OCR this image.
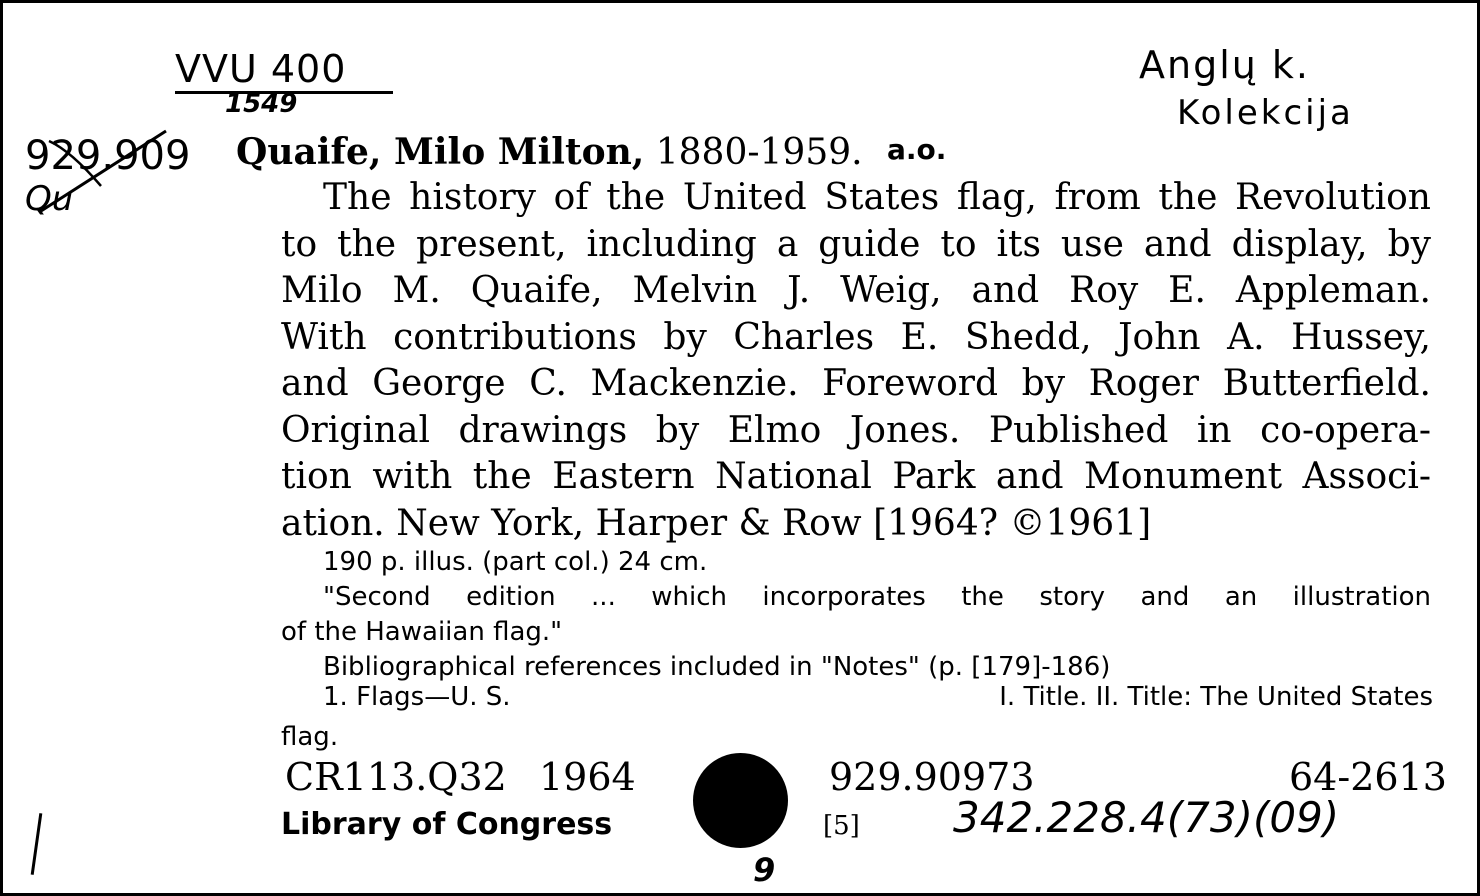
VVU 400
1549
Anglų k.
Kolekcija
929.909
Qu
Quaife, Milo Milton, 1880-1959. a.o.
The history of the United States flag, from the Revolution
to the present, including a guide to its use and display, by
Milo M. Quaife, Melvin J. Weig, and Roy E. Appleman.
With contributions by Charles E. Shedd, John A. Hussey,
and George C. Mackenzie. Foreword by Roger Butterfield.
Original drawings by Elmo Jones. Published in co-opera-
tion with the Eastern National Park and Monument Associ-
ation. New York, Harper & Row [1964? ©1961]
190 p. illus. (part col.) 24 cm.
"Second edition ... which incorporates the story and an illustration
of the Hawaiian flag."
Bibliographical references included in "Notes" (p. [179]-186)
1. Flags—U. S.	I. Title. II. Title: The United States
flag.
CR113.Q32 1964	929.90973	64-2613
Library of Congress	[5] 342.228.4(73)(09)
9
